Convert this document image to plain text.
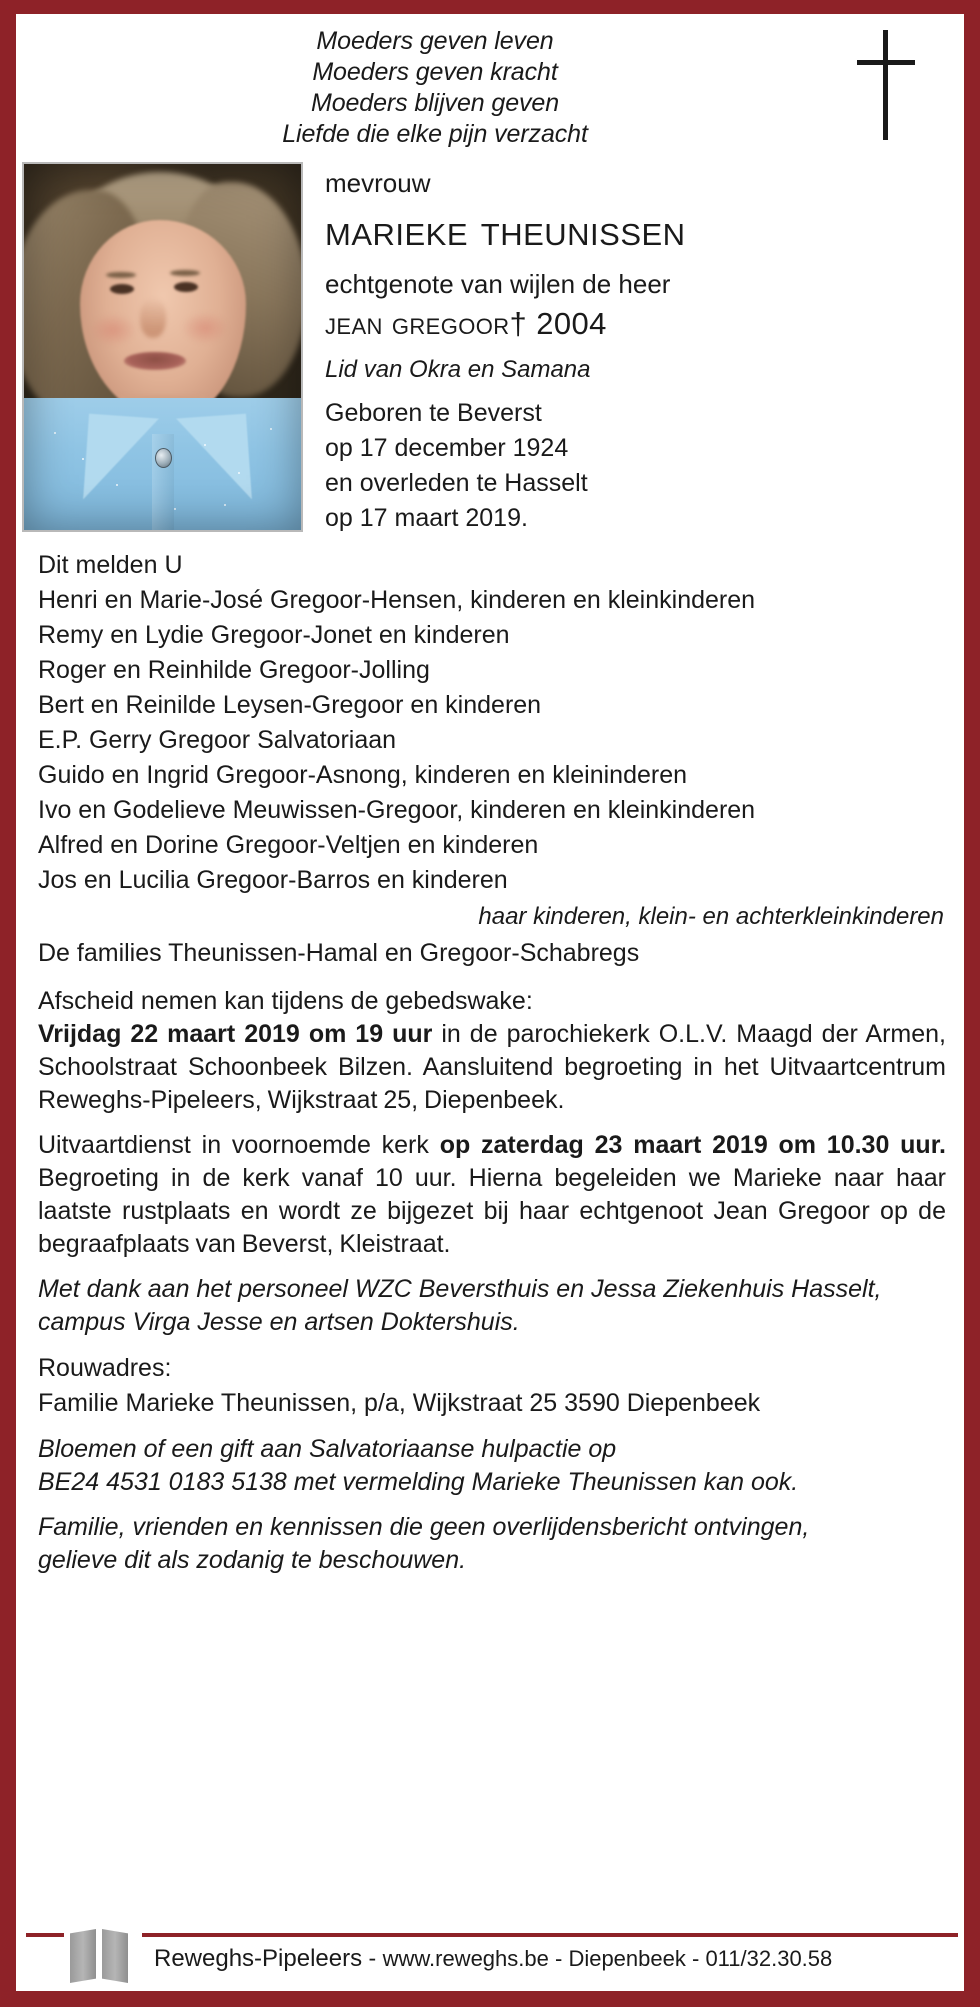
Moeders geven leven
Moeders geven kracht
Moeders blijven geven
Liefde die elke pijn verzacht
mevrouw
marieke theunissen
echtgenote van wijlen de heer
jean gregoor† 2004
Lid van Okra en Samana
Geboren te Beverst
op 17 december 1924
en overleden te Hasselt
op 17 maart 2019.
Dit melden U
Henri en Marie-José Gregoor-Hensen, kinderen en kleinkinderen
Remy en Lydie Gregoor-Jonet en kinderen
Roger en Reinhilde Gregoor-Jolling
Bert en Reinilde Leysen-Gregoor en kinderen
E.P. Gerry Gregoor Salvatoriaan
Guido en Ingrid Gregoor-Asnong, kinderen en kleininderen
Ivo en Godelieve Meuwissen-Gregoor, kinderen en kleinkinderen
Alfred en Dorine Gregoor-Veltjen en kinderen
Jos en Lucilia Gregoor-Barros en kinderen
haar kinderen, klein- en achterkleinkinderen
De families Theunissen-Hamal en Gregoor-Schabregs
Afscheid nemen kan tijdens de gebedswake:
Vrijdag 22 maart 2019 om 19 uur in de parochiekerk O.L.V. Maagd der Armen, Schoolstraat Schoonbeek Bilzen. Aansluitend begroeting in het Uitvaartcentrum Reweghs-Pipeleers, Wijkstraat 25, Diepenbeek.
Uitvaartdienst in voornoemde kerk op zaterdag 23 maart 2019 om 10.30 uur. Begroeting in de kerk vanaf 10 uur. Hierna begeleiden we Marieke naar haar laatste rustplaats en wordt ze bijgezet bij haar echtgenoot Jean Gregoor op de begraafplaats van Beverst, Kleistraat.
Met dank aan het personeel WZC Beversthuis en Jessa Ziekenhuis Hasselt, campus Virga Jesse en artsen Doktershuis.
Rouwadres:
Familie Marieke Theunissen, p/a, Wijkstraat 25 3590 Diepenbeek
Bloemen of een gift aan Salvatoriaanse hulpactie op
BE24 4531 0183 5138 met vermelding Marieke Theunissen kan ook.
Familie, vrienden en kennissen die geen overlijdensbericht ontvingen,
gelieve dit als zodanig te beschouwen.
Reweghs-Pipeleers - www.reweghs.be - Diepenbeek - 011/32.30.58
